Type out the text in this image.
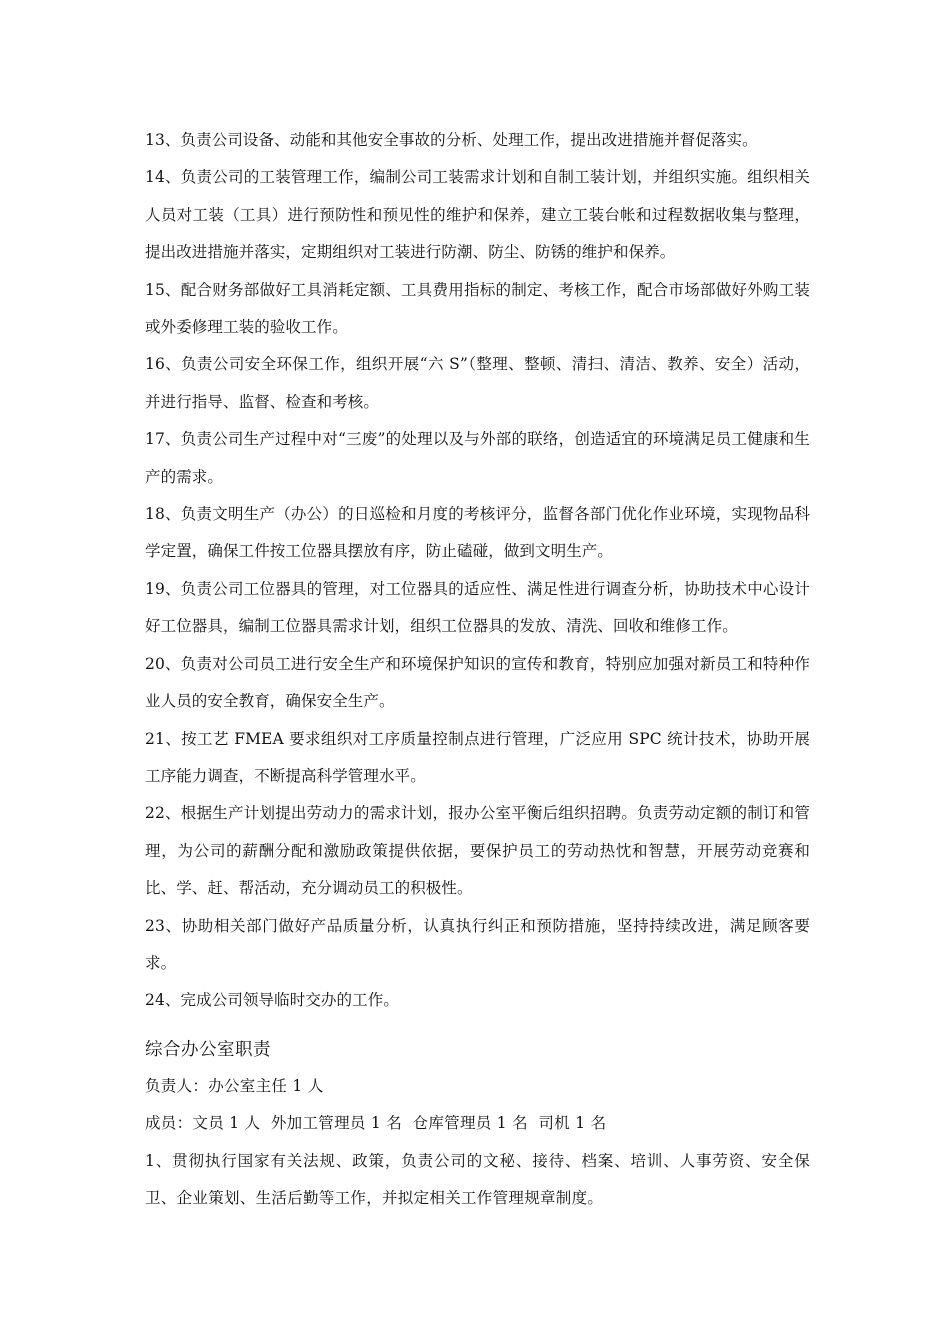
13、负责公司设备、动能和其他安全事故的分析、处理工作，提出改进措施并督促落实。

14、负责公司的工装管理工作，编制公司工装需求计划和自制工装计划，并组织实施。组织相关人员对工装（工具）进行预防性和预见性的维护和保养，建立工装台帐和过程数据收集与整理，提出改进措施并落实，定期组织对工装进行防潮、防尘、防锈的维护和保养。

15、配合财务部做好工具消耗定额、工具费用指标的制定、考核工作，配合市场部做好外购工装或外委修理工装的验收工作。

16、负责公司安全环保工作，组织开展“六 S”（整理、整顿、清扫、清洁、教养、安全）活动，并进行指导、监督、检查和考核。

17、负责公司生产过程中对“三废”的处理以及与外部的联络，创造适宜的环境满足员工健康和生产的需求。

18、负责文明生产（办公）的日巡检和月度的考核评分，监督各部门优化作业环境，实现物品科学定置，确保工件按工位器具摆放有序，防止磕碰，做到文明生产。

19、负责公司工位器具的管理，对工位器具的适应性、满足性进行调查分析，协助技术中心设计好工位器具，编制工位器具需求计划，组织工位器具的发放、清洗、回收和维修工作。

20、负责对公司员工进行安全生产和环境保护知识的宣传和教育，特别应加强对新员工和特种作业人员的安全教育，确保安全生产。

21、按工艺 FMEA 要求组织对工序质量控制点进行管理，广泛应用 SPC 统计技术，协助开展工序能力调查，不断提高科学管理水平。

22、根据生产计划提出劳动力的需求计划，报办公室平衡后组织招聘。负责劳动定额的制订和管理，为公司的薪酬分配和激励政策提供依据，要保护员工的劳动热忱和智慧，开展劳动竞赛和比、学、赶、帮活动，充分调动员工的积极性。

23、协助相关部门做好产品质量分析，认真执行纠正和预防措施，坚持持续改进，满足顾客要求。

24、完成公司领导临时交办的工作。

综合办公室职责

负责人：办公室主任 1 人

成员：文员 1 人  外加工管理员 1 名  仓库管理员 1 名  司机 1 名

1、贯彻执行国家有关法规、政策，负责公司的文秘、接待、档案、培训、人事劳资、安全保卫、企业策划、生活后勤等工作，并拟定相关工作管理规章制度。
